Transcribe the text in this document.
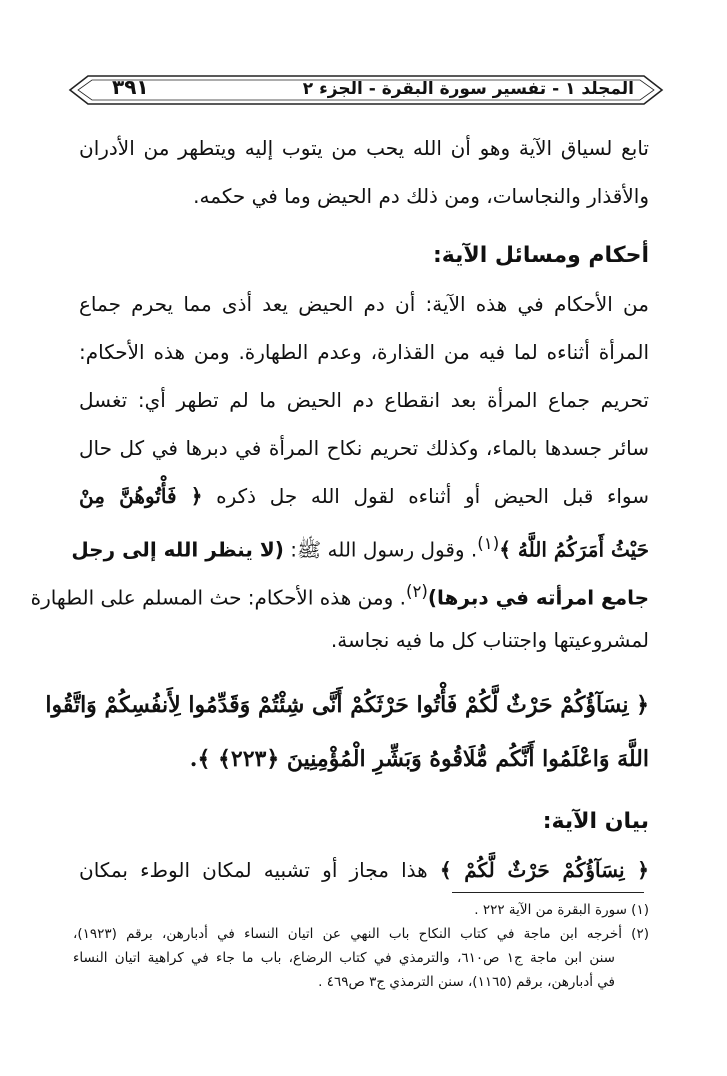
المجلد ١ - تفسير سورة البقرة - الجزء ٢
٣٩١
تابع لسياق الآية وهو أن الله يحب من يتوب إليه ويتطهر من الأدران
والأقذار والنجاسات، ومن ذلك دم الحيض وما في حكمه.
أحكام ومسائل الآية:
من الأحكام في هذه الآية: أن دم الحيض يعد أذى مما يحرم جماع
المرأة أثناءه لما فيه من القذارة، وعدم الطهارة. ومن هذه الأحكام:
تحريم جماع المرأة بعد انقطاع دم الحيض ما لم تطهر أي: تغسل
سائر جسدها بالماء، وكذلك تحريم نكاح المرأة في دبرها في كل حال
سواء قبل الحيض أو أثناءه لقول الله جل ذكره ﴿ فَأْتُوهُنَّ مِنْ
حَيْثُ أَمَرَكُمُ اللَّهُ ﴾$^{(١)}$. وقول رسول الله ﷺ: (لا ينظر الله إلى رجل
جامع امرأته في دبرها)$^{(٢)}$. ومن هذه الأحكام: حث المسلم على الطهارة
لمشروعيتها واجتناب كل ما فيه نجاسة.
﴿ نِسَآؤُكُمْ حَرْثٌ لَّكُمْ فَأْتُوا حَرْثَكُمْ أَنَّى شِئْتُمْ وَقَدِّمُوا لِأَنفُسِكُمْ وَاتَّقُوا
اللَّهَ وَاعْلَمُوا أَنَّكُم مُّلَاقُوهُ وَبَشِّرِ الْمُؤْمِنِينَ ﴿٢٢٣﴾ ﴾.
بيان الآية:
﴿ نِسَآؤُكُمْ حَرْثٌ لَّكُمْ ﴾ هذا مجاز أو تشبيه لمكان الوطء بمكان
(١) سورة البقرة من الآية ٢٢٢ .
(٢) أخرجه ابن ماجة في كتاب النكاح باب النهي عن اتيان النساء في أدبارهن، برقم (١٩٢٣)،
سنن ابن ماجة ج١ ص٦١٠، والترمذي في كتاب الرضاع، باب ما جاء في كراهية اتيان النساء
في أدبارهن، برقم (١١٦٥)، سنن الترمذي ج٣ ص٤٦٩ .
